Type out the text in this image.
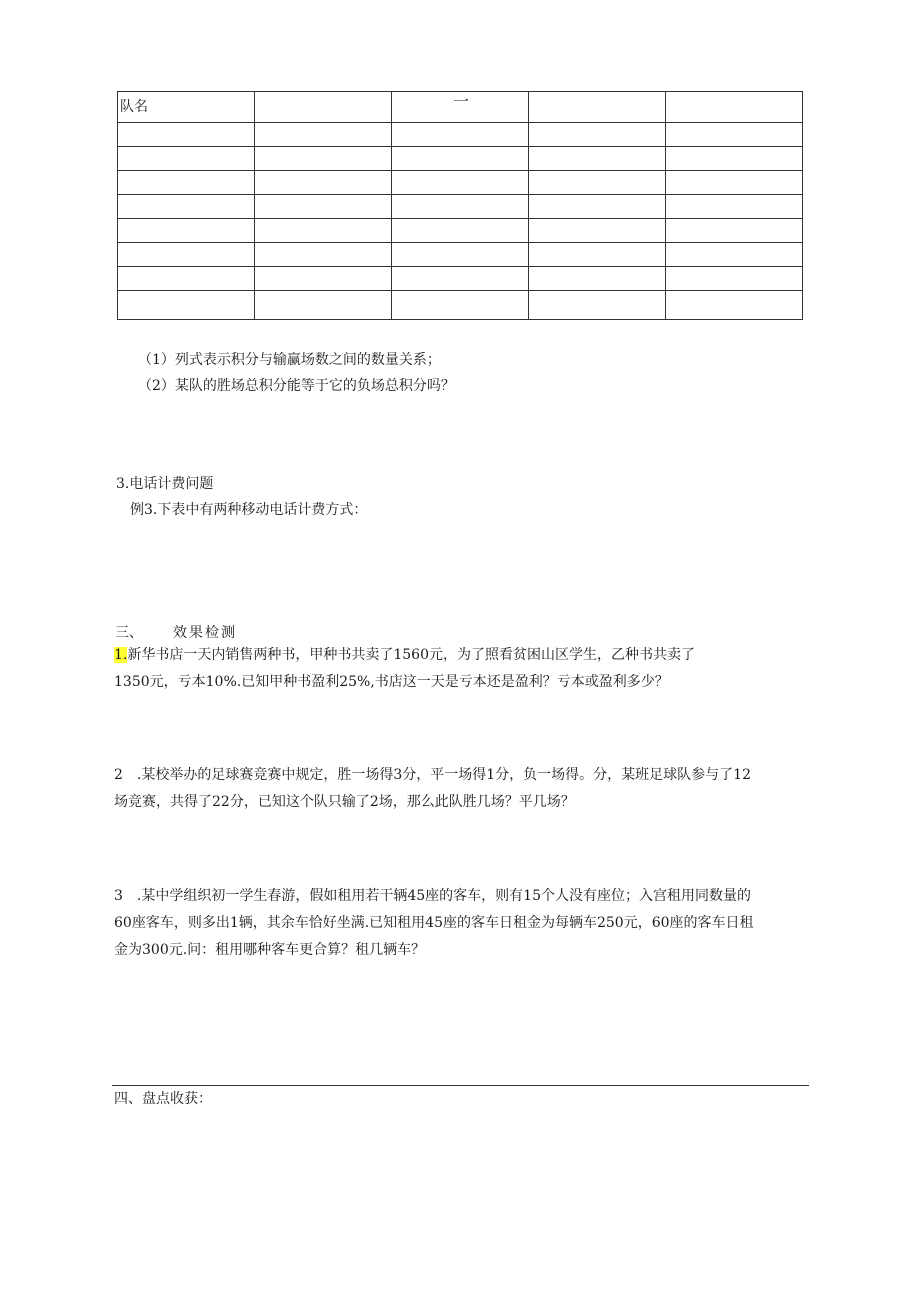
队名		一		

（1）列式表示积分与输赢场数之间的数量关系；
（2）某队的胜场总积分能等于它的负场总积分吗？
3.电话计费问题
例3.下表中有两种移动电话计费方式：
三、 效果检测
1.新华书店一天内销售两种书，甲种书共卖了1560元，为了照看贫困山区学生，乙种书共卖了
1350元，亏本10%.已知甲种书盈利25%,书店这一天是亏本还是盈利？亏本或盈利多少？
2　.某校举办的足球赛竞赛中规定，胜一场得3分，平一场得1分，负一场得。分，某班足球队参与了12
场竞赛，共得了22分，已知这个队只输了2场，那么此队胜几场？平几场？
3　.某中学组织初一学生春游，假如租用若干辆45座的客车，则有15个人没有座位；入宫租用同数量的
60座客车，则多出1辆，其余车恰好坐满.已知租用45座的客车日租金为每辆车250元，60座的客车日租
金为300元.问：租用哪种客车更合算？租几辆车？
四、盘点收获：
